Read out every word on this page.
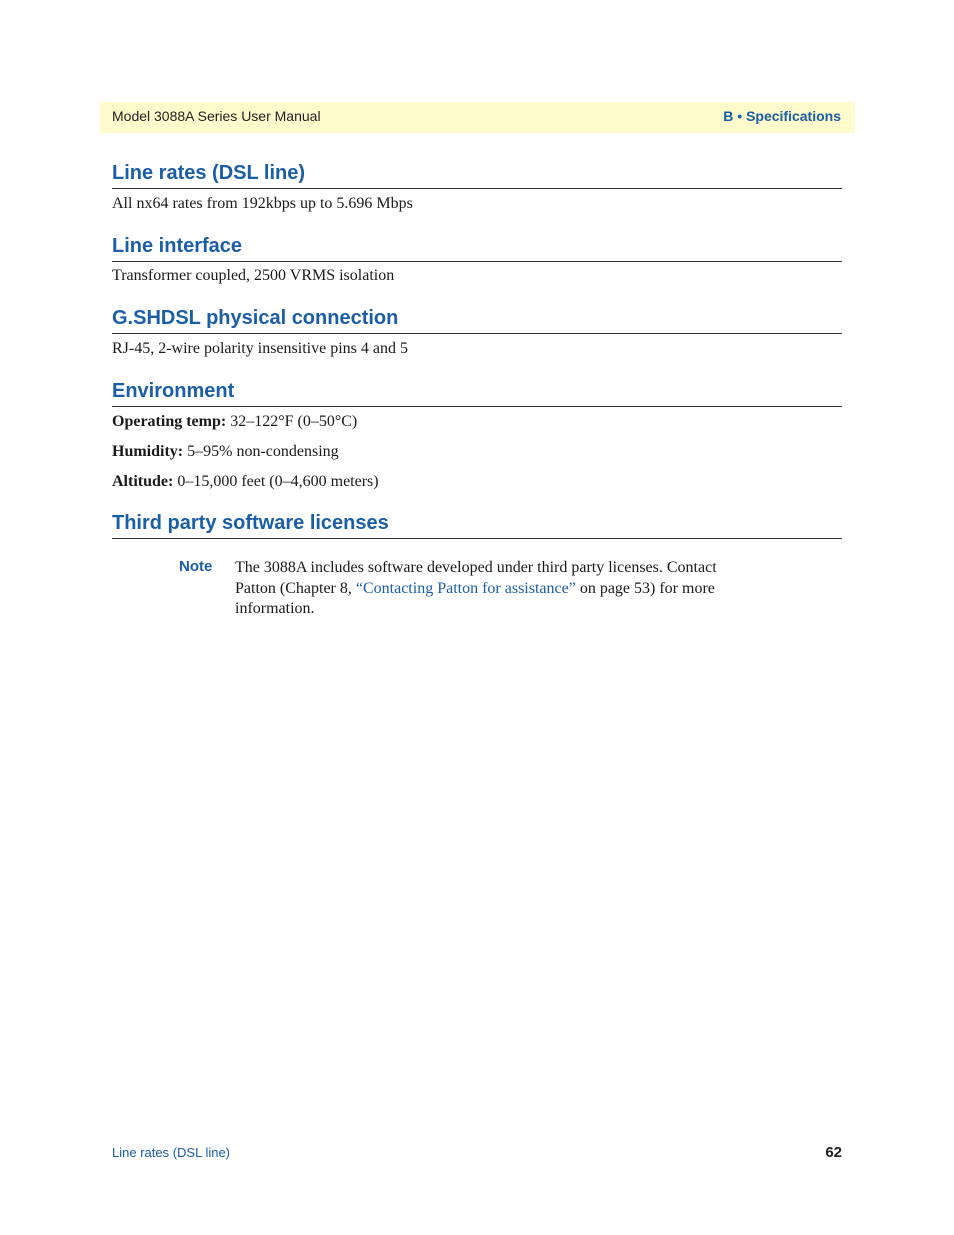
Model 3088A Series User Manual	B • Specifications
Line rates (DSL line)

All nx64 rates from 192kbps up to 5.696 Mbps

Line interface

Transformer coupled, 2500 VRMS isolation

G.SHDSL physical connection

RJ-45, 2-wire polarity insensitive pins 4 and 5

Environment
Operating temp: 32–122°F (0–50°C)
Humidity: 5–95% non-condensing
Altitude: 0–15,000 feet (0–4,600 meters)
Third party software licenses
Note The 3088A includes software developed under third party licenses. Contact Patton (Chapter 8, “Contacting Patton for assistance” on page 53) for more information.
Line rates (DSL line)	62
